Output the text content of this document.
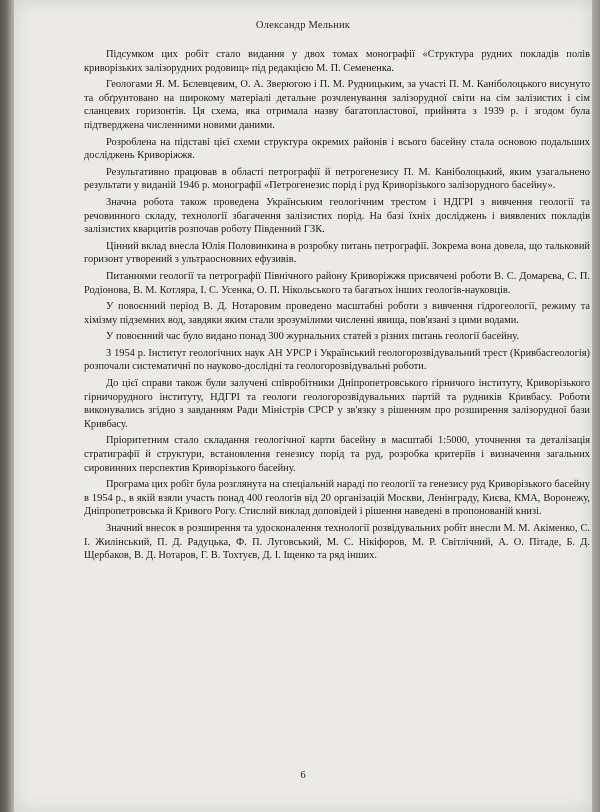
Олександр Мельник

Підсумком цих робіт стало видання у двох томах монографії «Структура рудних покладів полів криворізьких залізорудних родовищ» під редакцією М. П. Семененка.

Геологами Я. М. Бєлевцевим, О. А. Зверюгою і П. М. Рудницьким, за участі П. М. Каніболоцького висунуто та обґрунтовано на широкому матеріалі детальне розчленування залізорудної світи на сім залізистих і сім сланцевих горизонтів. Ця схема, яка отримала назву багатопластової, прийнята з 1939 р. і згодом була підтверджена численними новими даними.

Розроблена на підставі цієї схеми структура окремих районів і всього басейну стала основою подальших досліджень Криворіжжя.

Результативно працював в області петрографії й петрогенезису П. М. Каніболоцький, яким узагальнено результати у виданій 1946 р. монографії «Петрогенезис порід і руд Криворізького залізорудного басейну».

Значна робота також проведена Українським геологічним трестом і НДГРІ з вивчення геології та речовинного складу, технології збагачення залізистих порід. На базі їхніх досліджень і виявлених покладів залізистих кварцитів розпочав роботу Південний ГЗК.

Цінний вклад внесла Юлія Половинкина в розробку питань петрографії. Зокрема вона довела, що тальковий горизонт утворений з ультраосновних ефузивів.

Питаннями геології та петрографії Північного району Криворіжжя присвячені роботи В. С. Домарєва, С. П. Родіонова, В. М. Котляра, І. С. Усенка, О. П. Нікольського та багатьох інших геологів-науковців.

У повоєнний період В. Д. Нотаровим проведено масштабні роботи з вивчення гідрогеології, режиму та хімізму підземних вод, завдяки яким стали зрозумілими численні явища, пов'язані з цими водами.

У повоєнний час було видано понад 300 журнальних статей з різних питань геології басейну.

З 1954 р. Інститут геологічних наук АН УРСР і Український геологорозвідувальний трест (Кривбасгеологія) розпочали систематичні по науково-дослідні та геологорозвідувальні роботи.

До цієї справи також були залучені співробітники Дніпропетровського гірничого інституту, Криворізького гірничорудного інституту, НДГРІ та геологи геологорозвідувальних партій та рудників Кривбасу. Роботи виконувались згідно з завданням Ради Міністрів СРСР у зв'язку з рішенням про розширення залізорудної бази Кривбасу.

Пріоритетним стало складання геологічної карти басейну в масштабі 1:5000, уточнення та деталізація стратиграфії й структури, встановлення генезису порід та руд, розробка критеріїв і визначення загальних сировинних перспектив Криворізького басейну.

Програма цих робіт була розглянута на спеціальній нараді по геології та генезису руд Криворізького басейну в 1954 р., в якій взяли участь понад 400 геологів від 20 організацій Москви, Ленінграду, Києва, КМА, Воронежу, Дніпропетровська й Кривого Рогу. Стислий виклад доповідей і рішення наведені в пропонованій книзі.

Значний внесок в розширення та удосконалення технології розвідувальних робіт внесли М. М. Акіменко, С. І. Жилінський, П. Д. Радуцька, Ф. П. Луговський, М. С. Нікіфоров, М. Р. Світлічний, А. О. Пітаде, Б. Д. Щербаков, В. Д. Нотаров, Г. В. Тохтуєв, Д. І. Іщенко та ряд інших.

6
